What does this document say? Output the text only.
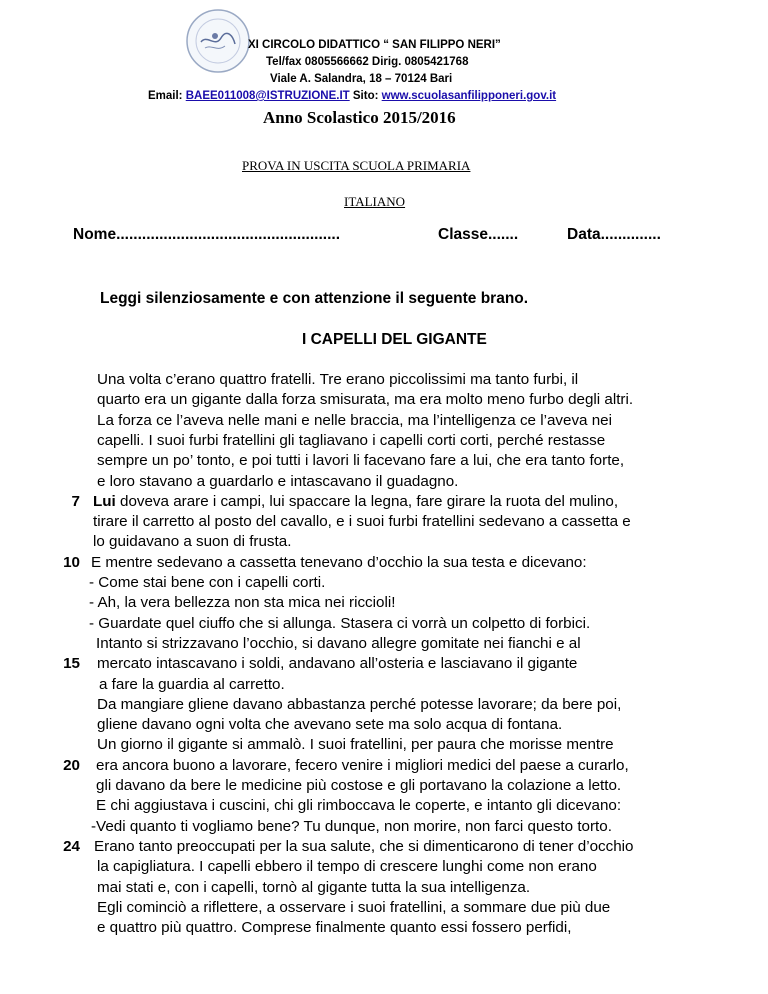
XI CIRCOLO DIDATTICO “ SAN FILIPPO NERI”
Tel/fax 0805566662 Dirig. 0805421768
Viale A. Salandra, 18 – 70124 Bari
Email: BAEE011008@ISTRUZIONE.IT Sito: www.scuolasanfilipponeri.gov.it
Anno Scolastico 2015/2016
PROVA IN USCITA SCUOLA PRIMARIA
ITALIANO
Nome....................................................	Classe.......	Data..............
Leggi silenziosamente e con attenzione il seguente brano.
I CAPELLI DEL GIGANTE
Una volta c’erano quattro fratelli. Tre erano piccolissimi ma tanto furbi, il
quarto era un gigante dalla forza smisurata, ma era molto meno furbo degli altri.
La forza ce l’aveva nelle mani e nelle braccia, ma l’intelligenza ce l’aveva nei
capelli. I suoi furbi fratellini gli tagliavano i capelli corti corti, perché restasse
sempre un po’ tonto, e poi tutti i lavori li facevano fare a lui, che era tanto forte,
e loro stavano a guardarlo e intascavano il guadagno.
7 Lui doveva arare i campi, lui spaccare la legna, fare girare la ruota del mulino,
tirare il carretto al posto del cavallo, e i suoi furbi fratellini sedevano a cassetta e
lo guidavano a suon di frusta.
10 E mentre sedevano a cassetta tenevano d’occhio la sua testa e dicevano:
- Come stai bene con i capelli corti.
- Ah, la vera bellezza non sta mica nei riccioli!
- Guardate quel ciuffo che si allunga. Stasera ci vorrà un colpetto di forbici.
Intanto si strizzavano l’occhio, si davano allegre gomitate nei fianchi e al
15 mercato intascavano i soldi, andavano all’osteria e lasciavano il gigante
a fare la guardia al carretto.
Da mangiare gliene davano abbastanza perché potesse lavorare; da bere poi,
gliene davano ogni volta che avevano sete ma solo acqua di fontana.
Un giorno il gigante si ammalò. I suoi fratellini, per paura che morisse mentre
20 era ancora buono a lavorare, fecero venire i migliori medici del paese a curarlo,
gli davano da bere le medicine più costose e gli portavano la colazione a letto.
E chi aggiustava i cuscini, chi gli rimboccava le coperte, e intanto gli dicevano:
-Vedi quanto ti vogliamo bene? Tu dunque, non morire, non farci questo torto.
24 Erano tanto preoccupati per la sua salute, che si dimenticarono di tener d’occhio
la capigliatura. I capelli ebbero il tempo di crescere lunghi come non erano
mai stati e, con i capelli, tornò al gigante tutta la sua intelligenza.
Egli cominciò a riflettere, a osservare i suoi fratellini, a sommare due più due
e quattro più quattro. Comprese finalmente quanto essi fossero perfidi,
